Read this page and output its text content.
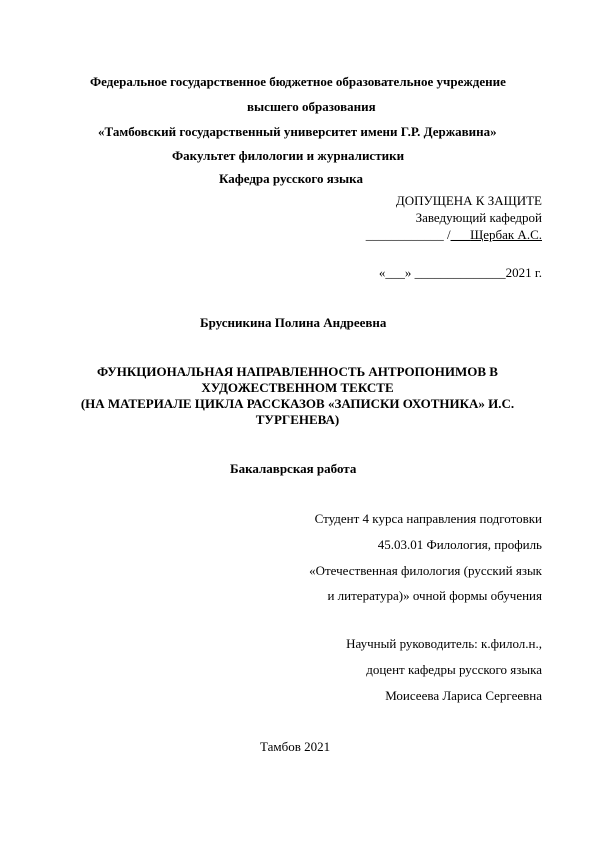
Федеральное государственное бюджетное образовательное учреждение
высшего образования
«Тамбовский государственный университет имени Г.Р. Державина»
Факультет филологии и журналистики
Кафедра русского языка
ДОПУЩЕНА К ЗАЩИТЕ
Заведующий кафедрой
____________ /___Щербак А.С.
«___» ______________2021 г.
Брусникина Полина Андреевна
ФУНКЦИОНАЛЬНАЯ НАПРАВЛЕННОСТЬ АНТРОПОНИМОВ В
ХУДОЖЕСТВЕННОМ ТЕКСТЕ
(НА МАТЕРИАЛЕ ЦИКЛА РАССКАЗОВ «ЗАПИСКИ ОХОТНИКА» И.С.
ТУРГЕНЕВА)
Бакалаврская работа
Студент 4 курса направления подготовки
45.03.01 Филология, профиль
«Отечественная филология (русский язык
и литература)» очной формы обучения
Научный руководитель: к.филол.н.,
доцент кафедры русского языка
Моисеева Лариса Сергеевна
Тамбов 2021
